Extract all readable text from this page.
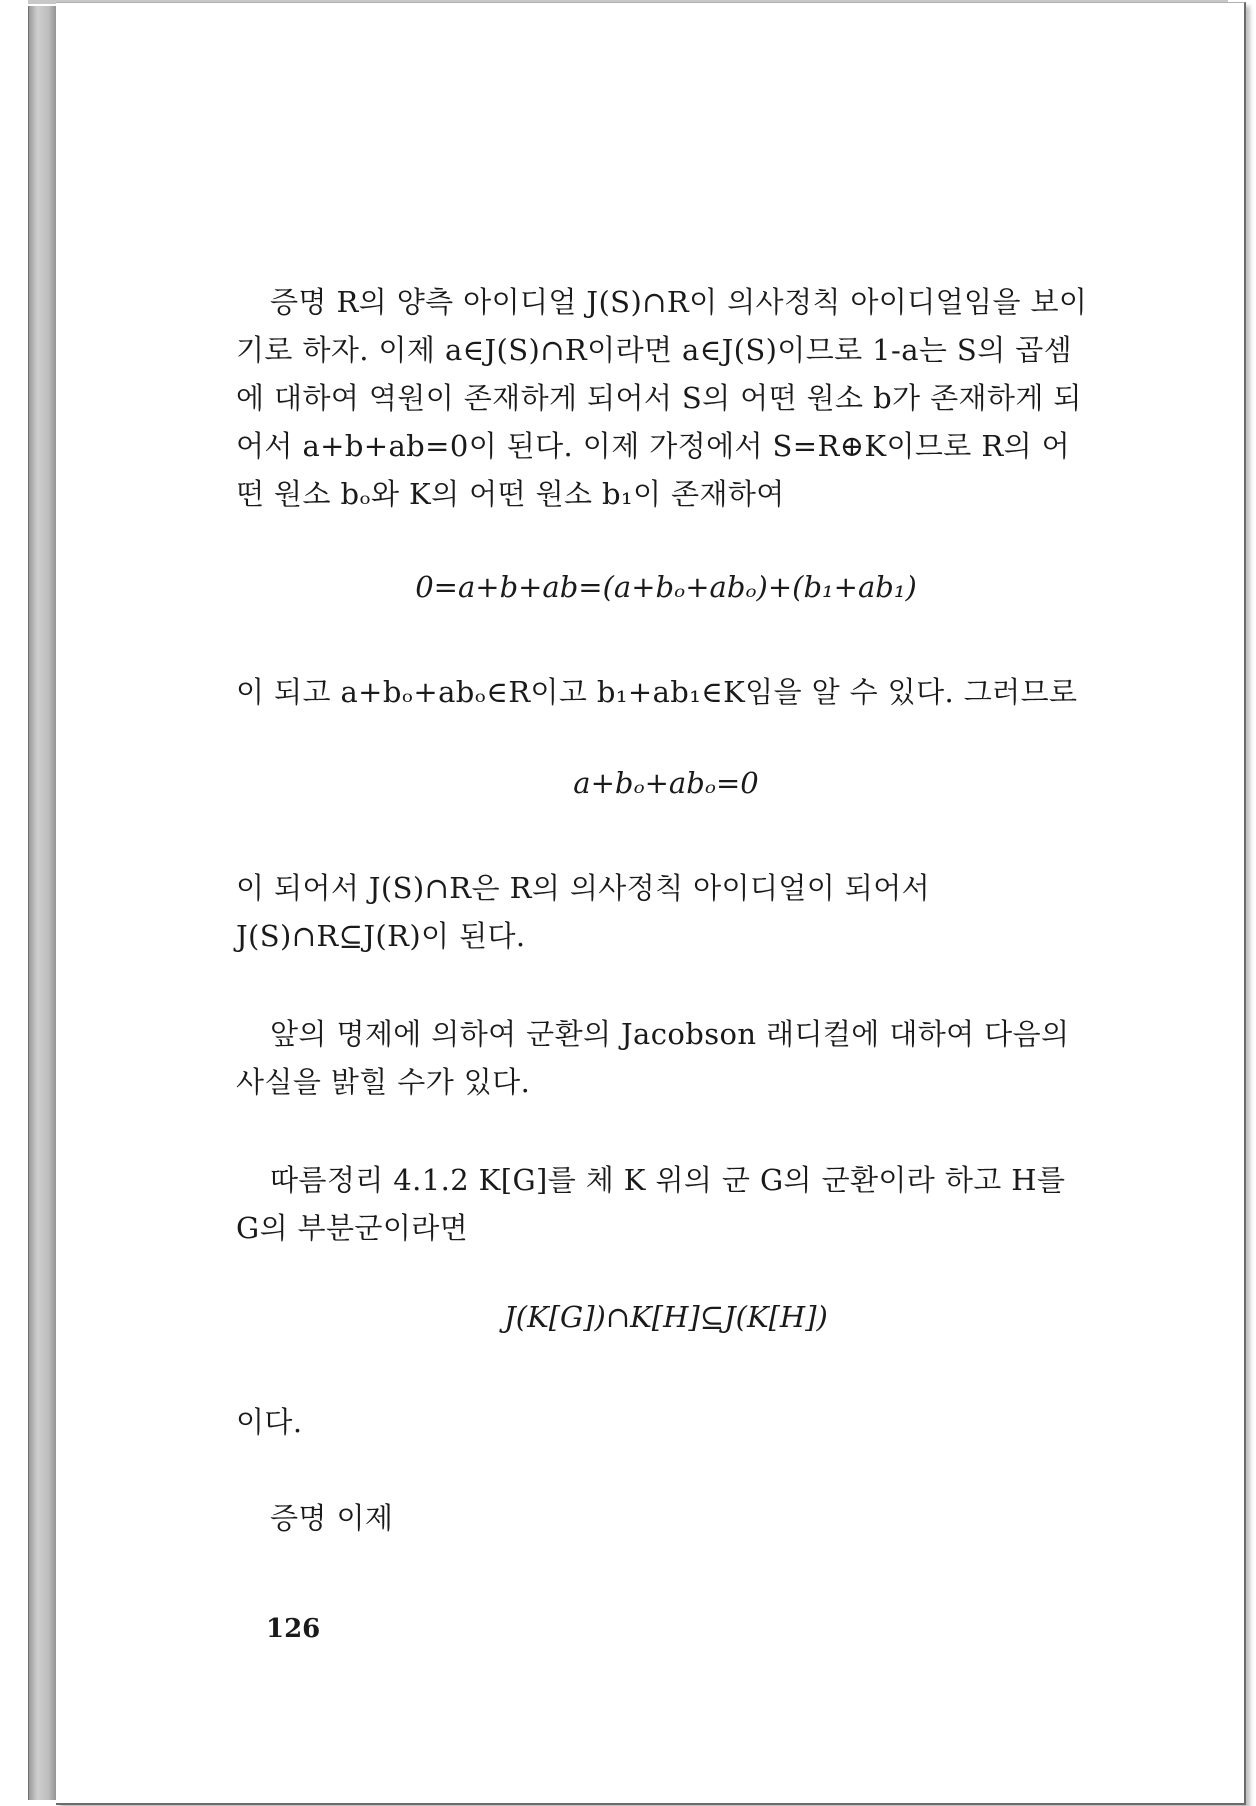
증명 R의 양측 아이디얼 J(S)∩R이 의사정칙 아이디얼임을 보이기로 하자. 이제 a∈J(S)∩R이라면 a∈J(S)이므로 1-a는 S의 곱셈에 대하여 역원이 존재하게 되어서 S의 어떤 원소 b가 존재하게 되어서 a+b+ab=0이 된다. 이제 가정에서 S=R⊕K이므로 R의 어떤 원소 bₒ와 K의 어떤 원소 b₁이 존재하여

0=a+b+ab=(a+bₒ+abₒ)+(b₁+ab₁)

이 되고 a+bₒ+abₒ∈R이고 b₁+ab₁∈K임을 알 수 있다. 그러므로

a+bₒ+abₒ=0

이 되어서 J(S)∩R은 R의 의사정칙 아이디얼이 되어서 J(S)∩R⊆J(R)이 된다.

앞의 명제에 의하여 군환의 Jacobson 래디컬에 대하여 다음의 사실을 밝힐 수가 있다.

따름정리 4.1.2 K[G]를 체 K 위의 군 G의 군환이라 하고 H를 G의 부분군이라면

J(K[G])∩K[H]⊆J(K[H])

이다.

증명 이제

126
